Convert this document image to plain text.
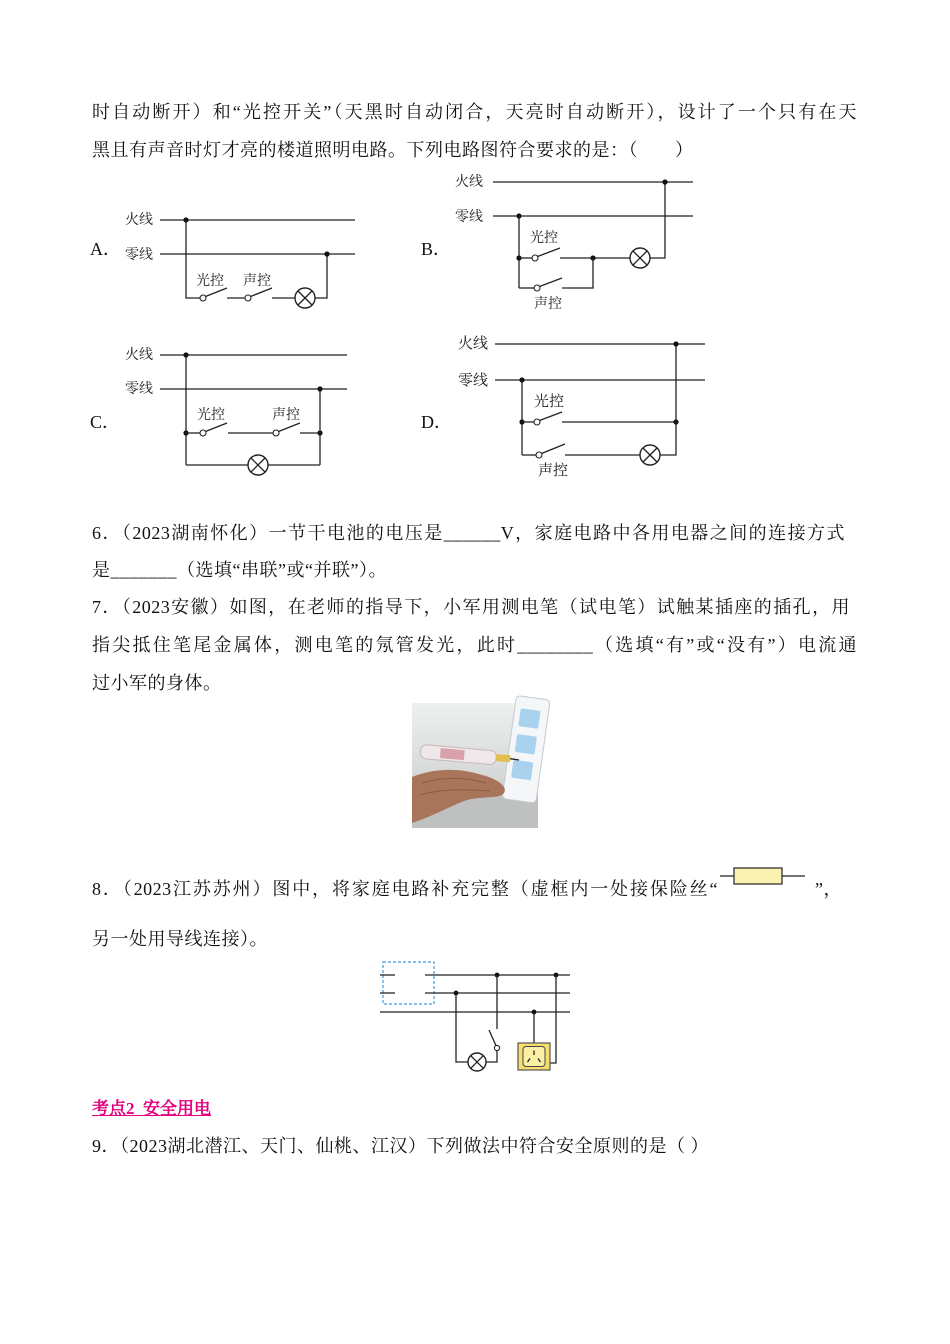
时自动断开）和“光控开关”（天黑时自动闭合，天亮时自动断开），设计了一个只有在天
黑且有声音时灯才亮的楼道照明电路。下列电路图符合要求的是：（　　）
A．	B．
C．	D．
火线
零线
光控 声控
火线
零线
光控
声控
火线
零线
光控	声控
火线
零线
光控
声控
6．（2023湖南怀化）一节干电池的电压是______V，家庭电路中各用电器之间的连接方式
是_______（选填“串联”或“并联”）。
7．（2023安徽）如图，在老师的指导下，小军用测电笔（试电笔）试触某插座的插孔，用
指尖抵住笔尾金属体，测电笔的氖管发光，此时________（选填“有”或“没有”）电流通
过小军的身体。
8．（2023江苏苏州）图中，将家庭电路补充完整（虚框内一处接保险丝“	”，
另一处用导线连接）。
考点2  安全用电
9．（2023湖北潜江、天门、仙桃、江汉）下列做法中符合安全原则的是（ ）
